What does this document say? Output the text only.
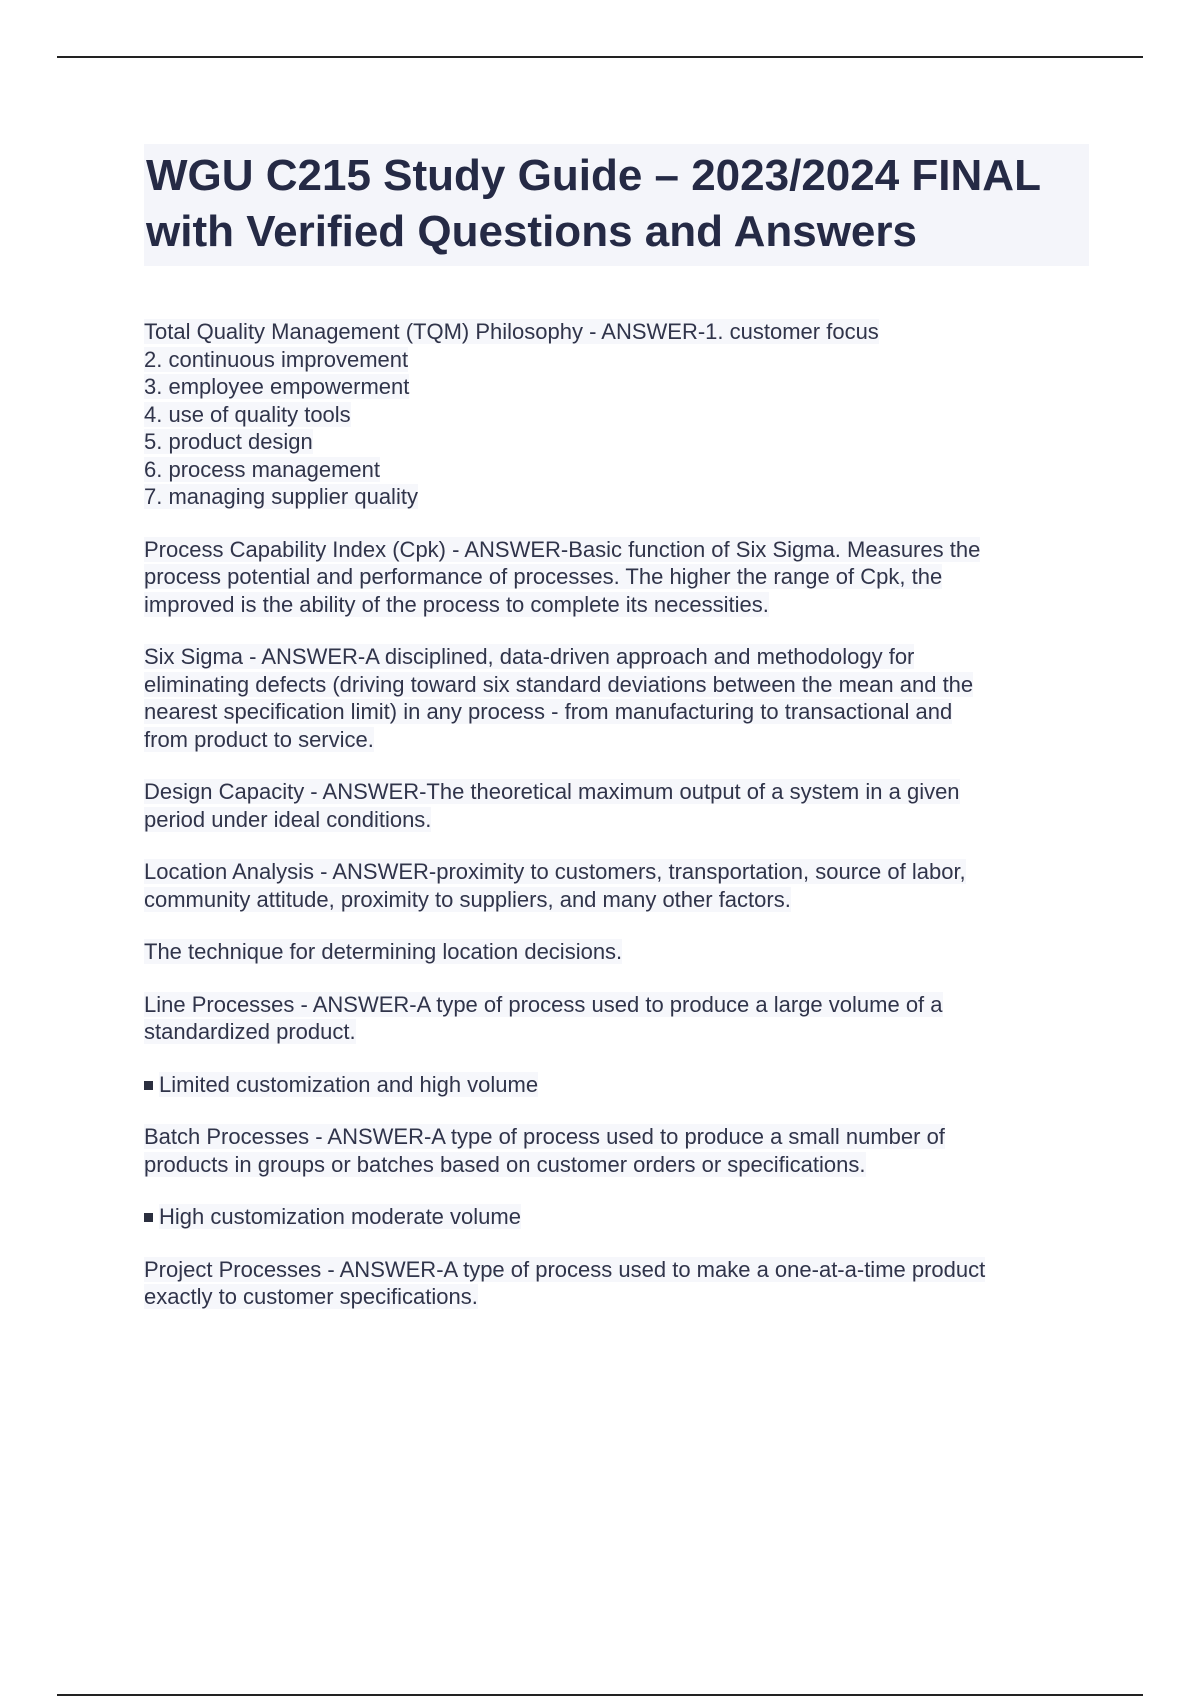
WGU C215 Study Guide – 2023/2024 FINAL with Verified Questions and Answers
Total Quality Management (TQM) Philosophy - ANSWER-1. customer focus
2. continuous improvement
3. employee empowerment
4. use of quality tools
5. product design
6. process management
7. managing supplier quality
Process Capability Index (Cpk) - ANSWER-Basic function of Six Sigma. Measures the
process potential and performance of processes. The higher the range of Cpk, the
improved is the ability of the process to complete its necessities.
Six Sigma - ANSWER-A disciplined, data-driven approach and methodology for
eliminating defects (driving toward six standard deviations between the mean and the
nearest specification limit) in any process - from manufacturing to transactional and
from product to service.
Design Capacity - ANSWER-The theoretical maximum output of a system in a given
period under ideal conditions.
Location Analysis - ANSWER-proximity to customers, transportation, source of labor,
community attitude, proximity to suppliers, and many other factors.
The technique for determining location decisions.
Line Processes - ANSWER-A type of process used to produce a large volume of a
standardized product.
Limited customization and high volume
Batch Processes - ANSWER-A type of process used to produce a small number of
products in groups or batches based on customer orders or specifications.
High customization moderate volume
Project Processes - ANSWER-A type of process used to make a one-at-a-time product
exactly to customer specifications.
